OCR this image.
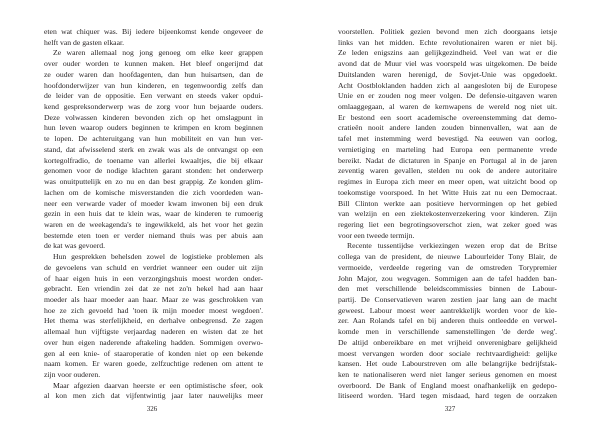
eten wat chiquer was. Bij iedere bijeenkomst kende ongeveer de
helft van de gasten elkaar.
Ze waren allemaal nog jong genoeg om elke keer grappen
over ouder worden te kunnen maken. Het bleef ongerijmd dat
ze ouder waren dan hoofdagenten, dan hun huisartsen, dan de
hoofdonderwijzer van hun kinderen, en tegenwoordig zelfs dan
de leider van de oppositie. Een verwant en steeds vaker opdui-
kend gespreksonderwerp was de zorg voor hun bejaarde ouders.
Deze volwassen kinderen bevonden zich op het omslagpunt in
hun leven waarop ouders beginnen te krimpen en krom beginnen
te lopen. De achteruitgang van hun mobiliteit en van hun ver-
stand, dat afwisselend sterk en zwak was als de ontvangst op een
kortegolfradio, de toename van allerlei kwaaltjes, die bij elkaar
genomen voor de nodige klachten garant stonden: het onderwerp
was onuitputtelijk en zo nu en dan best grappig. Ze konden glim-
lachen om de komische misverstanden die zich voordeden wan-
neer een verwarde vader of moeder kwam inwonen bij een druk
gezin in een huis dat te klein was, waar de kinderen te rumoerig
waren en de weekagenda's te ingewikkeld, als het voor het gezin
bestemde eten toen er verder niemand thuis was per abuis aan
de kat was gevoerd.
Hun gesprekken behelsden zowel de logistieke problemen als
de gevoelens van schuld en verdriet wanneer een ouder uit zijn
of haar eigen huis in een verzorgingshuis moest worden onder-
gebracht. Een vriendin zei dat ze net zo'n hekel had aan haar
moeder als haar moeder aan haar. Maar ze was geschrokken van
hoe ze zich gevoeld had 'toen ik mijn moeder moest wegdoen'.
Het thema was sterfelijkheid, en derhalve onbegrensd. Ze zagen
allemaal hun vijftigste verjaardag naderen en wisten dat ze het
over hun eigen naderende aftakeling hadden. Sommigen overwo-
gen al een knie- of staaroperatie of konden niet op een bekende
naam komen. Er waren goede, zelfzuchtige redenen om attent te
zijn voor ouderen.
Maar afgezien daarvan heerste er een optimistische sfeer, ook
al kon men zich dat vijfentwintig jaar later nauwelijks meer
326
voorstellen. Politiek gezien bevond men zich doorgaans ietsje
links van het midden. Echte revolutionairen waren er niet bij.
Ze leden enigszins aan gelijkgezindheid. Veel van wat er die
avond dat de Muur viel was voorspeld was uitgekomen. De beide
Duitslanden waren herenigd, de Sovjet-Unie was opgedoekt.
Acht Oostbloklanden hadden zich al aangesloten bij de Europese
Unie en er zouden nog meer volgen. De defensie-uitgaven waren
omlaaggegaan, al waren de kernwapens de wereld nog niet uit.
Er bestond een soort academische overeenstemming dat demo-
cratieën nooit andere landen zouden binnenvallen, wat aan de
tafel met instemming werd bevestigd. Na eeuwen van oorlog,
vernietiging en marteling had Europa een permanente vrede
bereikt. Nadat de dictaturen in Spanje en Portugal al in de jaren
zeventig waren gevallen, stelden nu ook de andere autoritaire
regimes in Europa zich meer en meer open, wat uitzicht bood op
toekomstige voorspoed. In het Witte Huis zat nu een Democraat.
Bill Clinton werkte aan positieve hervormingen op het gebied
van welzijn en een ziektekostenverzekering voor kinderen. Zijn
regering liet een begrotingsoverschot zien, wat zeker goed was
voor een tweede termijn.
Recente tussentijdse verkiezingen wezen erop dat de Britse
collega van de president, de nieuwe Labourleider Tony Blair, de
vermoeide, verdeelde regering van de omstreden Torypremier
John Major, zou wegvagen. Sommigen aan de tafel hadden ban-
den met verschillende beleidscommissies binnen de Labour-
partij. De Conservatieven waren zestien jaar lang aan de macht
geweest. Labour moest weer aantrekkelijk worden voor de kie-
zer. Aan Rolands tafel en bij anderen thuis ontleedde en verwel-
komde men in verschillende samenstellingen 'de derde weg'.
De altijd onbereikbare en met vrijheid onverenigbare gelijkheid
moest vervangen worden door sociale rechtvaardigheid: gelijke
kansen. Het oude Labourstreven om alle belangrijke bedrijfstak-
ken te nationaliseren werd niet langer serieus genomen en moest
overboord. De Bank of England moest onafhankelijk en gedepo-
litiseerd worden. 'Hard tegen misdaad, hard tegen de oorzaken
327
